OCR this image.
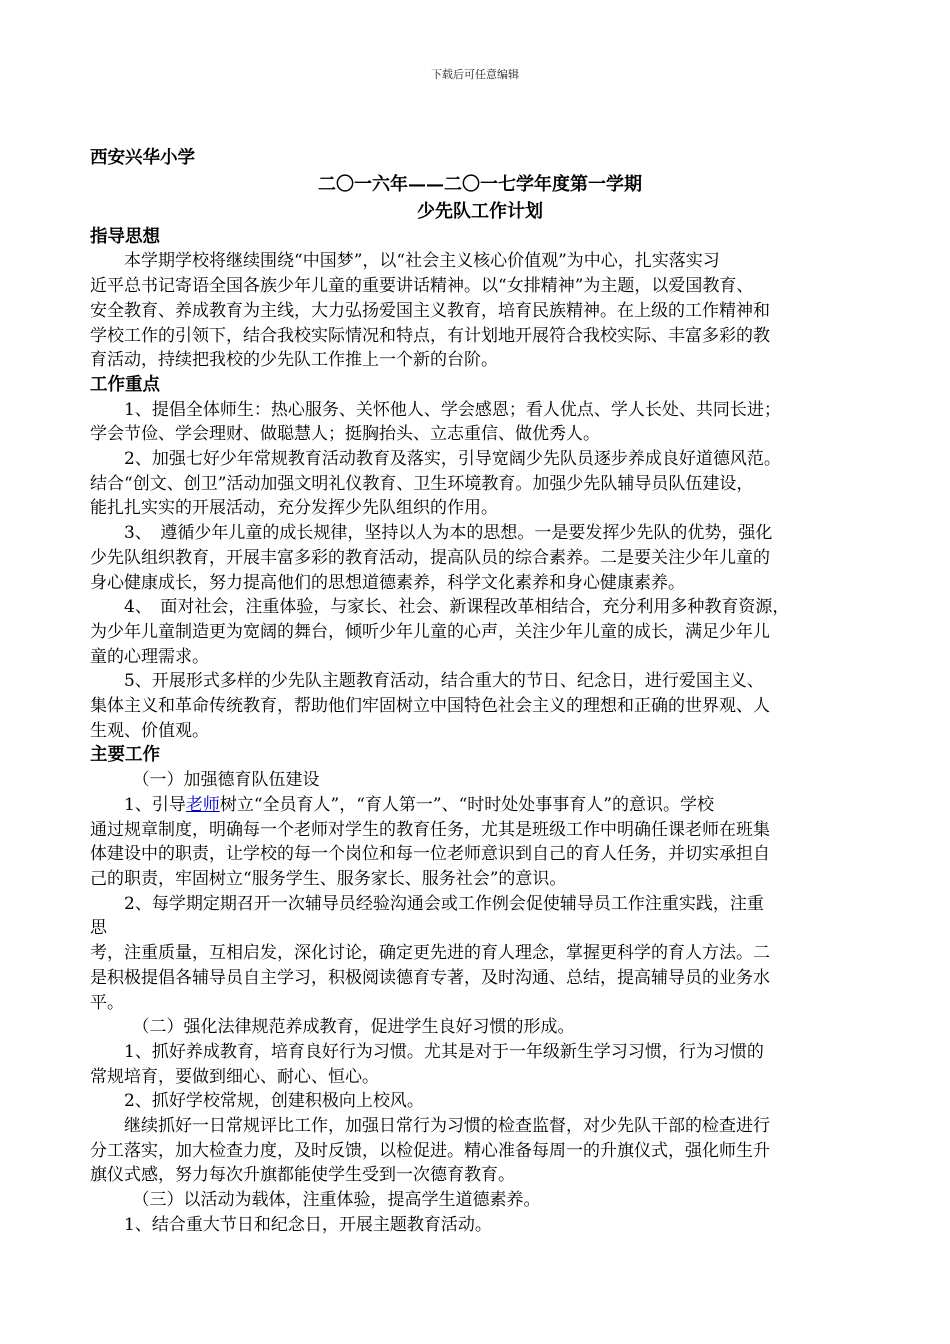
下载后可任意编辑

西安兴华小学

二〇一六年——二〇一七学年度第一学期

少先队工作计划

指导思想

　　本学期学校将继续围绕“中国梦”，以“社会主义核心价值观”为中心，扎实落实习

近平总书记寄语全国各族少年儿童的重要讲话精神。以“女排精神”为主题，以爱国教育、

安全教育、养成教育为主线，大力弘扬爱国主义教育，培育民族精神。在上级的工作精神和

学校工作的引领下，结合我校实际情况和特点，有计划地开展符合我校实际、丰富多彩的教

育活动，持续把我校的少先队工作推上一个新的台阶。

工作重点

　　1、提倡全体师生：热心服务、关怀他人、学会感恩；看人优点、学人长处、共同长进；

学会节俭、学会理财、做聪慧人；挺胸抬头、立志重信、做优秀人。

　　2、加强七好少年常规教育活动教育及落实，引导宽阔少先队员逐步养成良好道德风范。

结合“创文、创卫”活动加强文明礼仪教育、卫生环境教育。加强少先队辅导员队伍建设，

能扎扎实实的开展活动，充分发挥少先队组织的作用。

　　3、　遵循少年儿童的成长规律，坚持以人为本的思想。一是要发挥少先队的优势，强化

少先队组织教育，开展丰富多彩的教育活动，提高队员的综合素养。二是要关注少年儿童的

身心健康成长，努力提高他们的思想道德素养，科学文化素养和身心健康素养。

　　4、　面对社会，注重体验，与家长、社会、新课程改革相结合，充分利用多种教育资源，

为少年儿童制造更为宽阔的舞台，倾听少年儿童的心声，关注少年儿童的成长，满足少年儿

童的心理需求。

　　5、开展形式多样的少先队主题教育活动，结合重大的节日、纪念日，进行爱国主义、

集体主义和革命传统教育，帮助他们牢固树立中国特色社会主义的理想和正确的世界观、人

生观、价值观。

主要工作

　　　（一）加强德育队伍建设

　　1、引导老师树立“全员育人”，“育人第一”、“时时处处事事育人”的意识。学校

通过规章制度，明确每一个老师对学生的教育任务，尤其是班级工作中明确任课老师在班集

体建设中的职责，让学校的每一个岗位和每一位老师意识到自己的育人任务，并切实承担自

己的职责，牢固树立“服务学生、服务家长、服务社会”的意识。

　　2、每学期定期召开一次辅导员经验沟通会或工作例会促使辅导员工作注重实践，注重

思

考，注重质量，互相启发，深化讨论，确定更先进的育人理念，掌握更科学的育人方法。二

是积极提倡各辅导员自主学习，积极阅读德育专著，及时沟通、总结，提高辅导员的业务水

平。

　　　（二）强化法律规范养成教育，促进学生良好习惯的形成。

　　1、抓好养成教育，培育良好行为习惯。尤其是对于一年级新生学习习惯，行为习惯的

常规培育，要做到细心、耐心、恒心。

　　2、抓好学校常规，创建积极向上校风。

　　继续抓好一日常规评比工作，加强日常行为习惯的检查监督，对少先队干部的检查进行

分工落实，加大检查力度，及时反馈，以检促进。精心准备每周一的升旗仪式，强化师生升

旗仪式感，努力每次升旗都能使学生受到一次德育教育。

　　　（三）以活动为载体，注重体验，提高学生道德素养。

　　1、结合重大节日和纪念日，开展主题教育活动。
